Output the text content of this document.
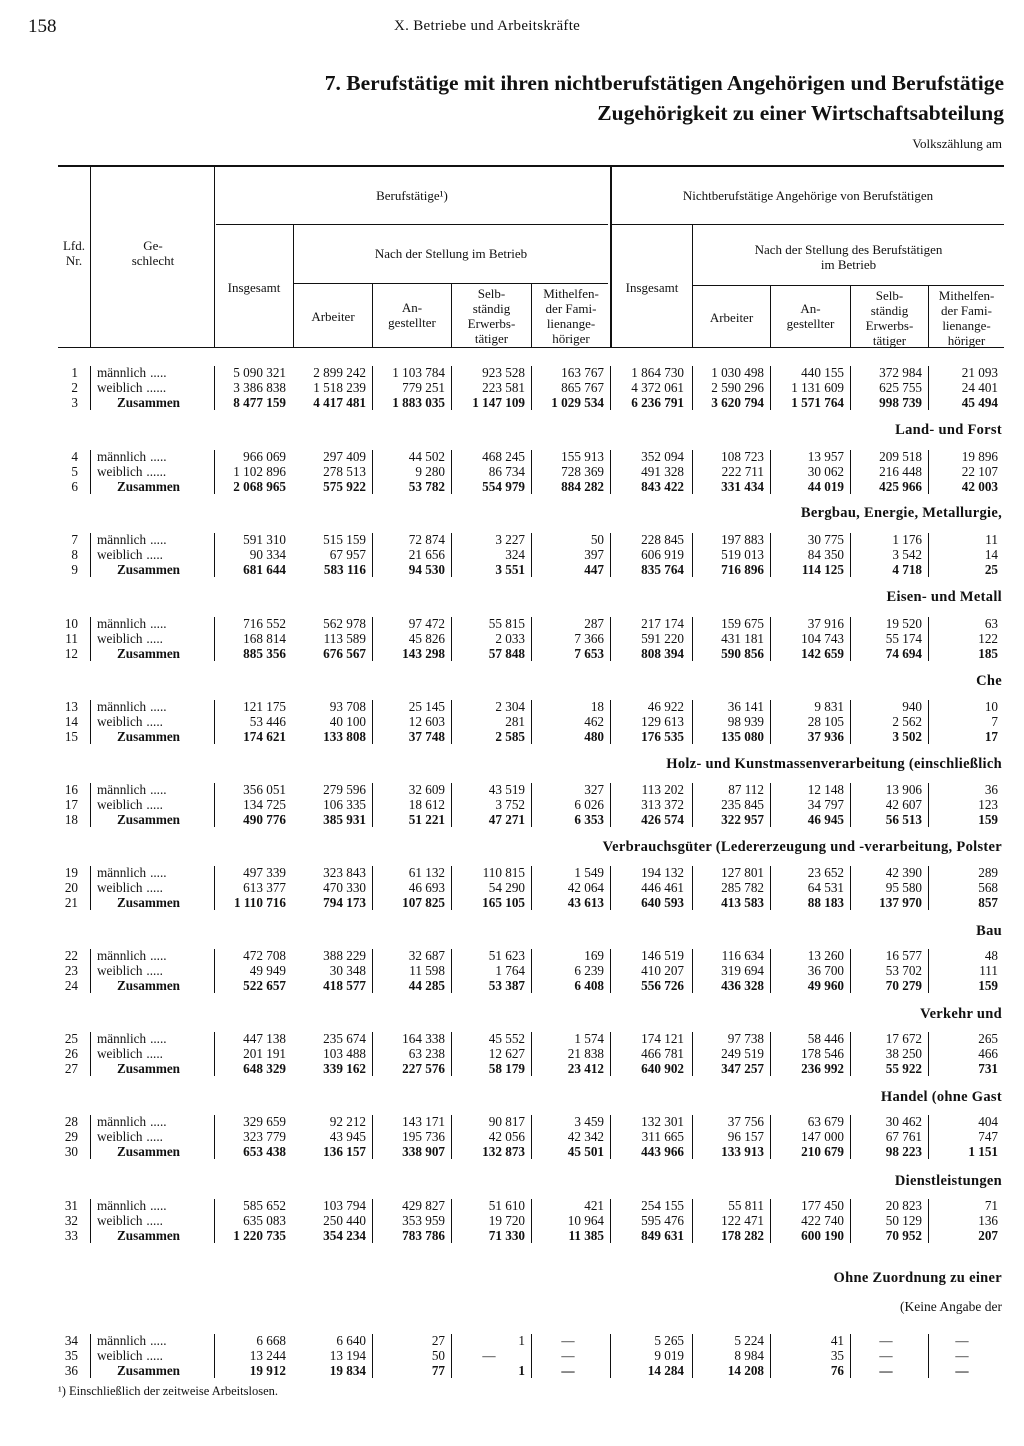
158	X. Betriebe und Arbeitskräfte
7. Berufstätige mit ihren nichtberufstätigen Angehörigen und Berufstätige
Zugehörigkeit zu einer Wirtschaftsabteilung
Volkszählung am
Lfd.
Nr.
Ge-
schlecht
Berufstätige¹)	Nichtberufstätige Angehörige von Berufstätigen
Nach der Stellung im Betrieb	Nach der Stellung des Berufstätigen
im Betrieb
Insgesamt
Arbeiter
An-
gestellter
Selb-
ständig
Erwerbs-
tätiger
Mithelfen-
der Fami-
lienange-
höriger
Insgesamt
Arbeiter
An-
gestellter
Selb-
ständig
Erwerbs-
tätiger
Mithelfen-
der Fami-
lienange-
höriger
1 männlich .....	5 090 321	2 899 242	1 103 784	923 528	163 767	1 864 730	1 030 498	440 155	372 984	21 093
2 weiblich ......	3 386 838	1 518 239	779 251	223 581	865 767	4 372 061	2 590 296	1 131 609	625 755	24 401
3	Zusammen	8 477 159	4 417 481	1 883 035	1 147 109	1 029 534	6 236 791	3 620 794	1 571 764	998 739	45 494
Land- und Forst
4 männlich .....	966 069	297 409	44 502	468 245	155 913	352 094	108 723	13 957	209 518	19 896
5 weiblich ......	1 102 896	278 513	9 280	86 734	728 369	491 328	222 711	30 062	216 448	22 107
6	Zusammen	2 068 965	575 922	53 782	554 979	884 282	843 422	331 434	44 019	425 966	42 003
Bergbau, Energie, Metallurgie,
7 männlich .....	591 310	515 159	72 874	3 227	50	228 845	197 883	30 775	1 176	11
8 weiblich .....	90 334	67 957	21 656	324	397	606 919	519 013	84 350	3 542	14
9	Zusammen	681 644	583 116	94 530	3 551	447	835 764	716 896	114 125	4 718	25
Eisen- und Metall
10 männlich .....	716 552	562 978	97 472	55 815	287	217 174	159 675	37 916	19 520	63
11 weiblich .....	168 814	113 589	45 826	2 033	7 366	591 220	431 181	104 743	55 174	122
12	Zusammen	885 356	676 567	143 298	57 848	7 653	808 394	590 856	142 659	74 694	185
Che
13 männlich .....	121 175	93 708	25 145	2 304	18	46 922	36 141	9 831	940	10
14 weiblich .....	53 446	40 100	12 603	281	462	129 613	98 939	28 105	2 562	7
15	Zusammen	174 621	133 808	37 748	2 585	480	176 535	135 080	37 936	3 502	17
Holz- und Kunstmassenverarbeitung (einschließlich
16 männlich .....	356 051	279 596	32 609	43 519	327	113 202	87 112	12 148	13 906	36
17 weiblich .....	134 725	106 335	18 612	3 752	6 026	313 372	235 845	34 797	42 607	123
18	Zusammen	490 776	385 931	51 221	47 271	6 353	426 574	322 957	46 945	56 513	159
Verbrauchsgüter (Ledererzeugung und -verarbeitung, Polster
19 männlich .....	497 339	323 843	61 132	110 815	1 549	194 132	127 801	23 652	42 390	289
20 weiblich .....	613 377	470 330	46 693	54 290	42 064	446 461	285 782	64 531	95 580	568
21	Zusammen	1 110 716	794 173	107 825	165 105	43 613	640 593	413 583	88 183	137 970	857
Bau
22 männlich .....	472 708	388 229	32 687	51 623	169	146 519	116 634	13 260	16 577	48
23 weiblich .....	49 949	30 348	11 598	1 764	6 239	410 207	319 694	36 700	53 702	111
24	Zusammen	522 657	418 577	44 285	53 387	6 408	556 726	436 328	49 960	70 279	159
Verkehr und
25 männlich .....	447 138	235 674	164 338	45 552	1 574	174 121	97 738	58 446	17 672	265
26 weiblich .....	201 191	103 488	63 238	12 627	21 838	466 781	249 519	178 546	38 250	466
27	Zusammen	648 329	339 162	227 576	58 179	23 412	640 902	347 257	236 992	55 922	731
Handel (ohne Gast
28 männlich .....	329 659	92 212	143 171	90 817	3 459	132 301	37 756	63 679	30 462	404
29 weiblich .....	323 779	43 945	195 736	42 056	42 342	311 665	96 157	147 000	67 761	747
30	Zusammen	653 438	136 157	338 907	132 873	45 501	443 966	133 913	210 679	98 223	1 151
Dienstleistungen
31 männlich .....	585 652	103 794	429 827	51 610	421	254 155	55 811	177 450	20 823	71
32 weiblich .....	635 083	250 440	353 959	19 720	10 964	595 476	122 471	422 740	50 129	136
33	Zusammen	1 220 735	354 234	783 786	71 330	11 385	849 631	178 282	600 190	70 952	207
Ohne Zuordnung zu einer
(Keine Angabe der
34 männlich .....	6 668	6 640	27	1	—	5 265	5 224	41	—	—
35 weiblich .....	13 244	13 194	50	—	—	9 019	8 984	35	—	—
36	Zusammen	19 912	19 834	77	1	—	14 284	14 208	76	—	—
¹) Einschließlich der zeitweise Arbeitslosen.
